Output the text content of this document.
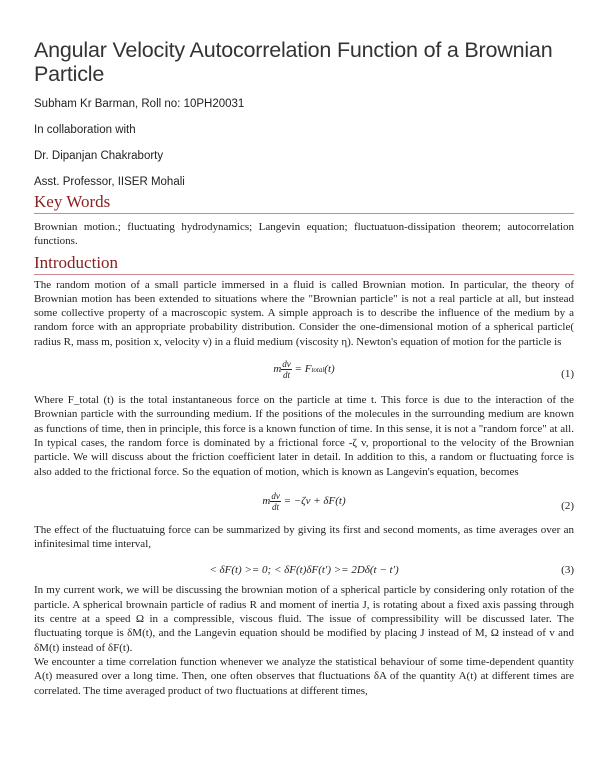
Angular Velocity Autocorrelation Function of a Brownian Particle
Subham Kr Barman, Roll no: 10PH20031
In collaboration with
Dr. Dipanjan Chakraborty
Asst. Professor, IISER Mohali
Key Words

Brownian motion.; fluctuating hydrodynamics; Langevin equation; fluctuatuon-dissipation theorem; autocorrelation functions.

Introduction

The random motion of a small particle immersed in a fluid is called Brownian motion. In particular, the theory of Brownian motion has been extended to situations where the "Brownian particle" is not a real particle at all, but instead some collective property of a macroscopic system. A simple approach is to describe the influence of the medium by a random force with an appropriate probability distribution. Consider the one-dimensional motion of a spherical particle( radius R, mass m, position x, velocity v) in a fluid medium (viscosity η). Newton's equation of motion for the particle is

m $\frac{dv}{dt}$ = Ftotal(t)	(1)

Where F_total (t) is the total instantaneous force on the particle at time t. This force is due to the interaction of the Brownian particle with the surrounding medium. If the positions of the molecules in the surrounding medium are known as functions of time, then in principle, this force is a known function of time. In this sense, it is not a "random force" at all. In typical cases, the random force is dominated by a frictional force -ζ v, proportional to the velocity of the Brownian particle. We will discuss about the friction coefficient later in detail. In addition to this, a random or fluctuating force is also added to the frictional force. So the equation of motion, which is known as Langevin's equation, becomes

m $\frac{dv}{dt} = -\zeta v + \delta F(t)$	(2)

The effect of the fluctuatuing force can be summarized by giving its first and second moments, as time averages over an infinitesimal time interval,

< δF(t) >= 0; < δF(t)δF(t′) >= 2Dδ(t − t′)	(3)

In my current work, we will be discussing the brownian motion of a spherical particle by considering only rotation of the particle. A spherical brownain particle of radius R and moment of inertia J, is rotating about a fixed axis passing through its centre at a speed Ω in a compressible, viscous fluid. The issue of compressibility will be discussed later. The fluctuating torque is δM(t), and the Langevin equation should be modified by placing J instead of M, Ω instead of v and δM(t) instead of δF(t).

We encounter a time correlation function whenever we analyze the statistical behaviour of some time-dependent quantity A(t) measured over a long time. Then, one often observes that fluctuations δA of the quantity A(t) at different times are correlated. The time averaged product of two fluctuations at different times,
